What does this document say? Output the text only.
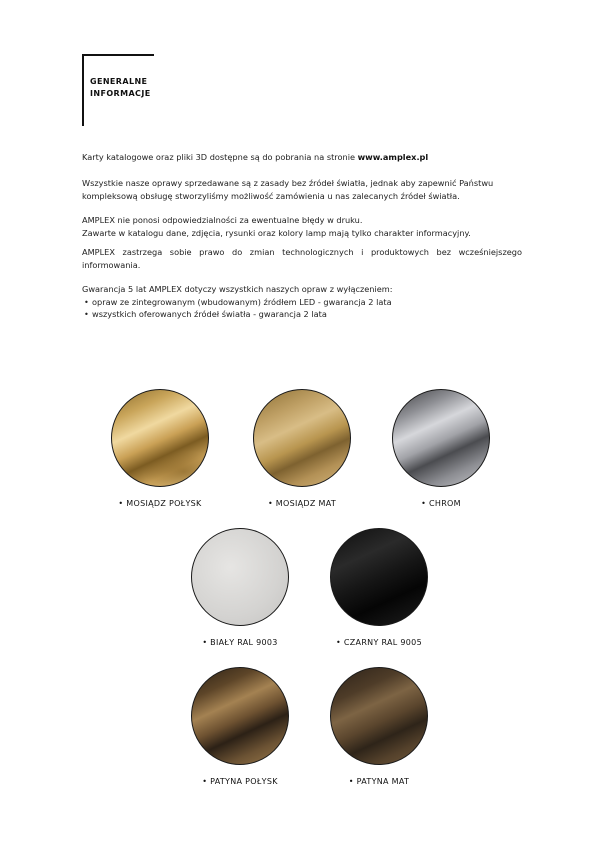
GENERALNE
INFORMACJE
Karty katalogowe oraz pliki 3D dostępne są do pobrania na stronie www.amplex.pl
Wszystkie nasze oprawy sprzedawane są z zasady bez źródeł światła, jednak aby zapewnić Państwu kompleksową obsługę stworzyliśmy możliwość zamówienia u nas zalecanych źródeł światła.
AMPLEX nie ponosi odpowiedzialności za ewentualne błędy w druku.
Zawarte w katalogu dane, zdjęcia, rysunki oraz kolory lamp mają tylko charakter informacyjny.
AMPLEX zastrzega sobie prawo do zmian technologicznych i produktowych bez wcześniejszego informowania.
Gwarancja 5 lat AMPLEX dotyczy wszystkich naszych opraw z wyłączeniem:
• opraw ze zintegrowanym (wbudowanym) źródłem LED - gwarancja 2 lata
• wszystkich oferowanych źródeł światła - gwarancja 2 lata
• MOSIĄDZ POŁYSK	• MOSIĄDZ MAT	• CHROM
• BIAŁY RAL 9003	• CZARNY RAL 9005
• PATYNA POŁYSK	• PATYNA MAT
